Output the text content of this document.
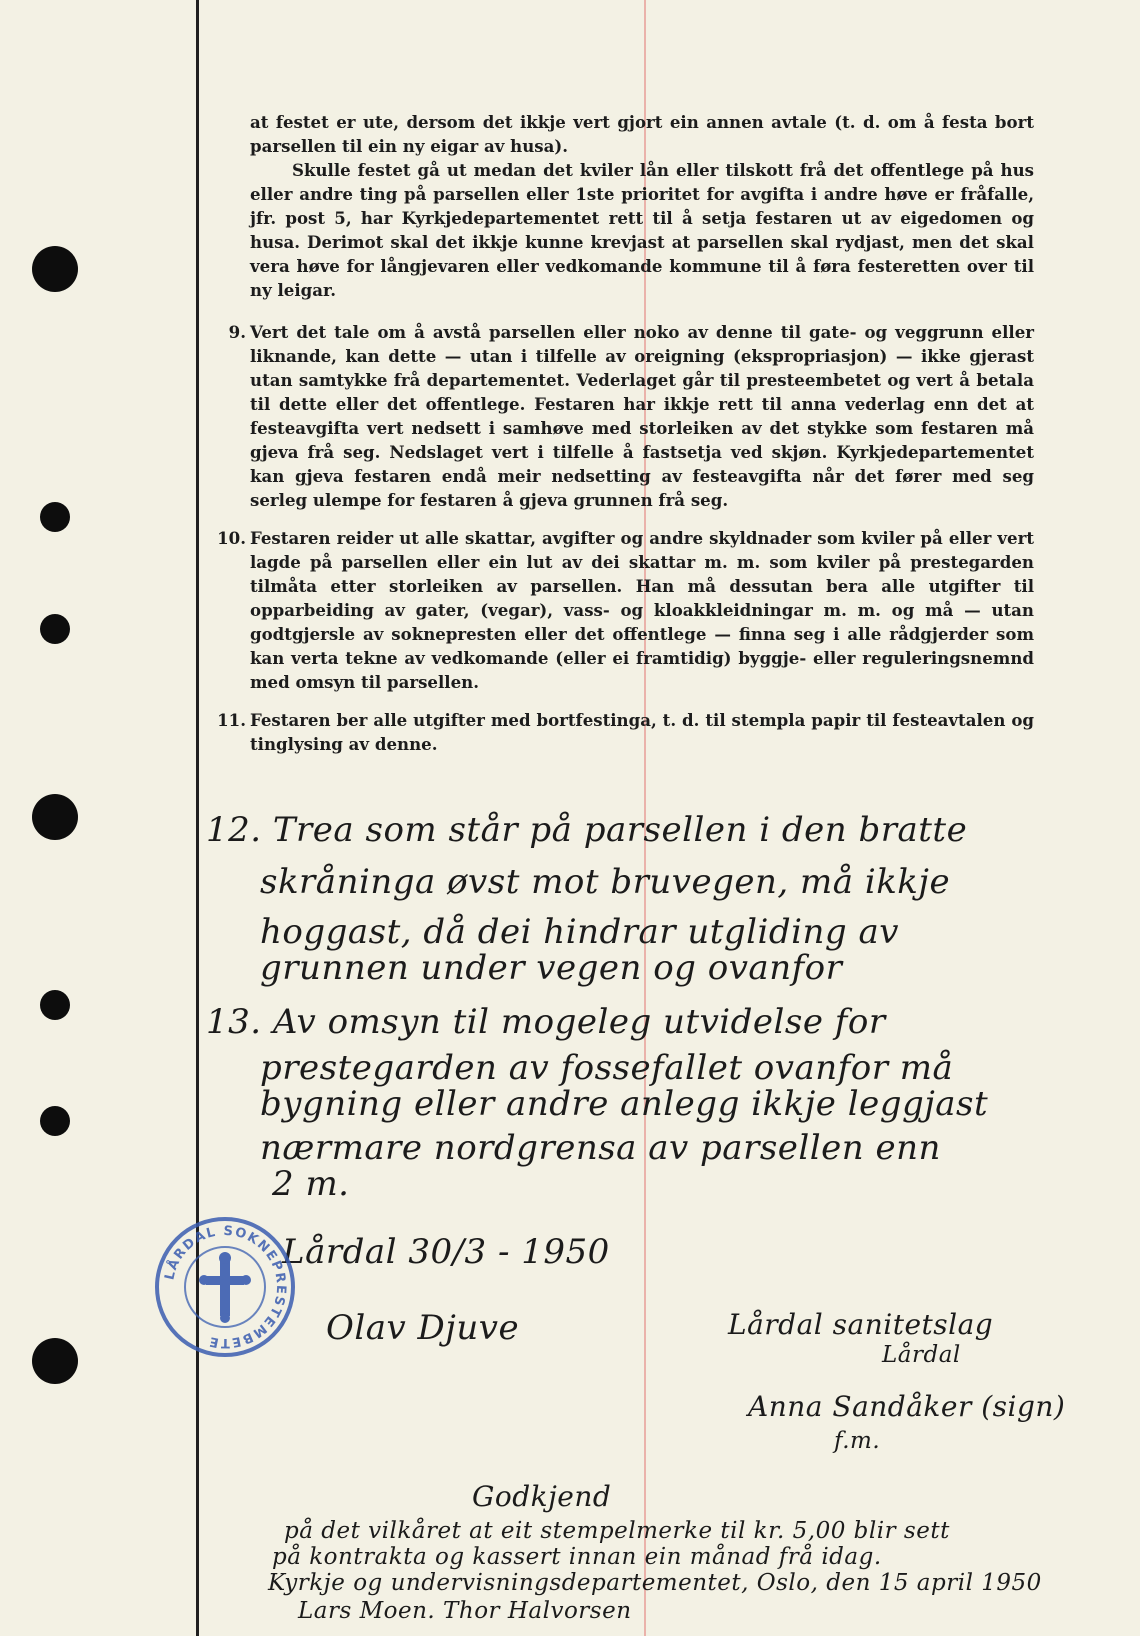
at festet er ute, dersom det ikkje vert gjort ein annen avtale (t. d. om å festa bort parsellen til ein ny eigar av husa).

Skulle festet gå ut medan det kviler lån eller tilskott frå det offentlege på hus eller andre ting på parsellen eller 1ste prioritet for avgifta i andre høve er fråfalle, jfr. post 5, har Kyrkjedepartementet rett til å setja festaren ut av eigedomen og husa. Derimot skal det ikkje kunne krevjast at parsellen skal rydjast, men det skal vera høve for långjevaren eller vedkomande kommune til å føra festeretten over til ny leigar.

9. Vert det tale om å avstå parsellen eller noko av denne til gate- og veggrunn eller liknande, kan dette — utan i tilfelle av oreigning (ekspropriasjon) — ikke gjerast utan samtykke frå departementet. Vederlaget går til presteembetet og vert å betala til dette eller det offentlege. Festaren har ikkje rett til anna vederlag enn det at festeavgifta vert nedsett i samhøve med storleiken av det stykke som festaren må gjeva frå seg. Nedslaget vert i tilfelle å fastsetja ved skjøn. Kyrkjedepartementet kan gjeva festaren endå meir nedsetting av festeavgifta når det fører med seg serleg ulempe for festaren å gjeva grunnen frå seg.
10. Festaren reider ut alle skattar, avgifter og andre skyldnader som kviler på eller vert lagde på parsellen eller ein lut av dei skattar m. m. som kviler på prestegarden tilmåta etter storleiken av parsellen. Han må dessutan bera alle utgifter til opparbeiding av gater, (vegar), vass- og kloakkleidningar m. m. og må — utan godtgjersle av soknepresten eller det offentlege — finna seg i alle rådgjerder som kan verta tekne av vedkomande (eller ei framtidig) byggje- eller reguleringsnemnd med omsyn til parsellen.
11. Festaren ber alle utgifter med bortfestinga, t. d. til stempla papir til festeavtalen og tinglysing av denne.
12. Trea som står på parsellen i den bratte
skråninga øvst mot bruvegen, må ikkje
hoggast, då dei hindrar utgliding av
grunnen under vegen og ovanfor
13. Av omsyn til mogeleg utvidelse for
prestegarden av fossefallet ovanfor må
bygning eller andre anlegg ikkje leggjast
nærmare nordgrensa av parsellen enn
2 m.
Lårdal 30/3 - 1950
Olav Djuve	Lårdal sanitetslag
Lårdal
Anna Sandåker (sign)
f.m.
Godkjend
på det vilkåret at eit stempelmerke til kr. 5,00 blir sett
på kontrakta og kassert innan ein månad frå idag.
Kyrkje og undervisningsdepartementet, Oslo, den 15 april 1950
Lars Moen. Thor Halvorsen
LÅRDAL SOKNEPRESTEMBETE
